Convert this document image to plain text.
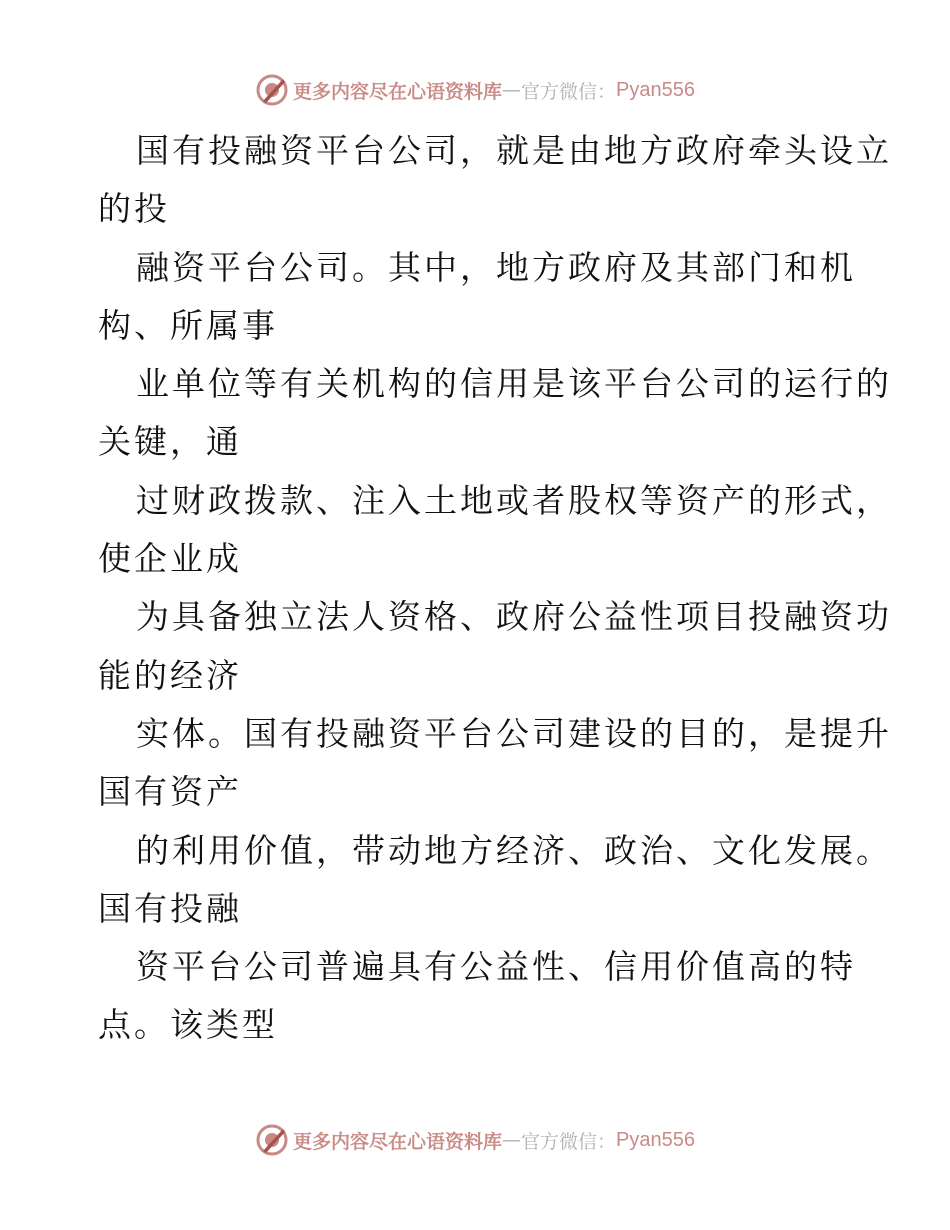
更多内容尽在心语资料库 — 官方微信： Pyan556
国有投融资平台公司，就是由地方政府牵头设立
的投
融资平台公司。其中，地方政府及其部门和机
构、所属事
业单位等有关机构的信用是该平台公司的运行的
关键，通
过财政拨款、注入土地或者股权等资产的形式，
使企业成
为具备独立法人资格、政府公益性项目投融资功
能的经济
实体。国有投融资平台公司建设的目的，是提升
国有资产
的利用价值，带动地方经济、政治、文化发展。
国有投融
资平台公司普遍具有公益性、信用价值高的特
点。该类型
更多内容尽在心语资料库 — 官方微信： Pyan556
